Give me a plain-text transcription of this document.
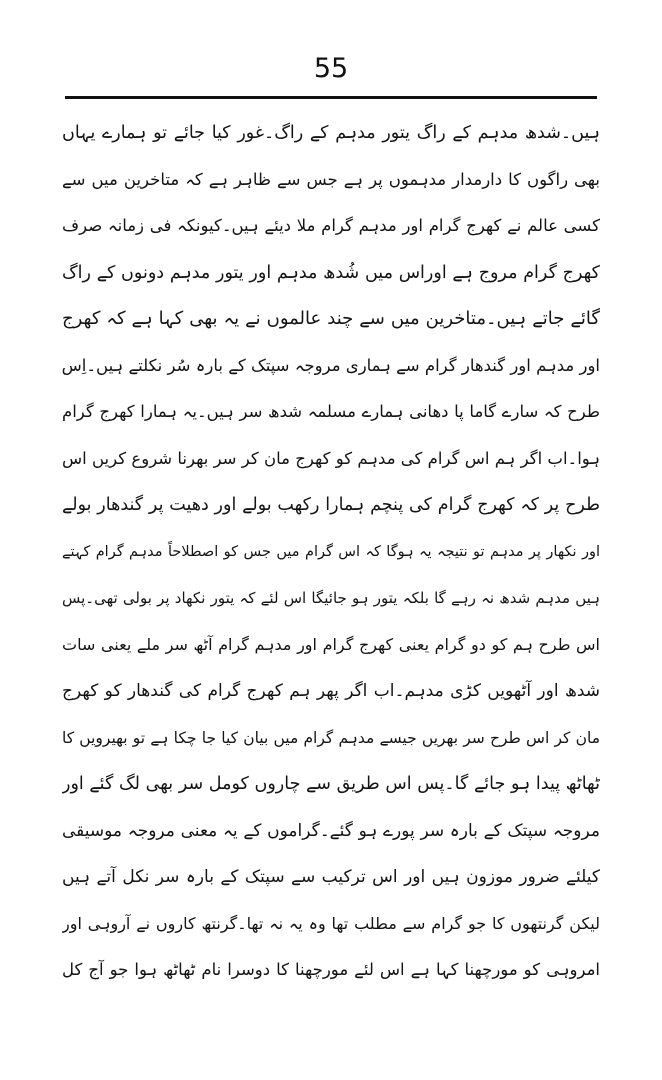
55
ہیں۔شدھ مدہم کے راگ یتور مدہم کے راگ۔غور کیا جائے تو ہمارے یہاں
بھی راگوں کا دارمدار مدہموں پر ہے جس سے ظاہر ہے کہ متاخرین میں سے
کسی عالم نے کھرج گرام اور مدہم گرام ملا دیئے ہیں۔کیونکہ فی زمانہ صرف
کھرج گرام مروج ہے اوراس میں شُدھ مدہم اور یتور مدہم دونوں کے راگ
گائے جاتے ہیں۔متاخرین میں سے چند عالموں نے یہ بھی کہا ہے کہ کھرج
اور مدہم اور گندھار گرام سے ہماری مروجہ سپتک کے بارہ سُر نکلتے ہیں۔اِس
طرح کہ سارے گاما پا دھانی ہمارے مسلمہ شدھ سر ہیں۔یہ ہمارا کھرج گرام
ہوا۔اب اگر ہم اس گرام کی مدہم کو کھرج مان کر سر بھرنا شروع کریں اس
طرح پر کہ کھرج گرام کی پنچم ہمارا رکھب بولے اور دھیت پر گندھار بولے
اور نکھار پر مدہم تو نتیجہ یہ ہوگا کہ اس گرام میں جس کو اصطلاحاً مدہم گرام کہتے
ہیں مدہم شدھ نہ رہے گا بلکہ یتور ہو جائیگا اس لئے کہ یتور نکھاد پر بولی تھی۔پس
اس طرح ہم کو دو گرام یعنی کھرج گرام اور مدہم گرام آٹھ سر ملے یعنی سات
شدھ اور آٹھویں کڑی مدہم۔اب اگر پھر ہم کھرج گرام کی گندھار کو کھرج
مان کر اس طرح سر بھریں جیسے مدہم گرام میں بیان کیا جا چکا ہے تو بھیرویں کا
ٹھاٹھ پیدا ہو جائے گا۔پس اس طریق سے چاروں کومل سر بھی لگ گئے اور
مروجہ سپتک کے بارہ سر پورے ہو گئے۔گراموں کے یہ معنی مروجہ موسیقی
کیلئے ضرور موزون ہیں اور اس ترکیب سے سپتک کے بارہ سر نکل آتے ہیں
لیکن گرنتھوں کا جو گرام سے مطلب تھا وہ یہ نہ تھا۔گرنتھ کاروں نے آروہی اور
امروہی کو مورچھنا کہا ہے اس لئے مورچھنا کا دوسرا نام ٹھاٹھ ہوا جو آج کل
